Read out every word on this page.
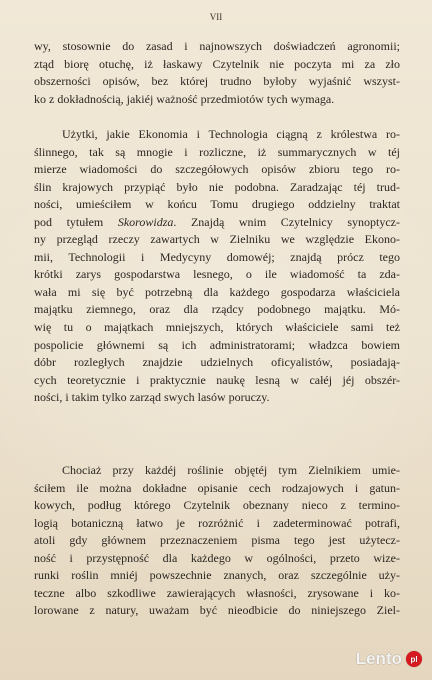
VII
wy, stosownie do zasad i najnowszych doświadczeń agronomii;
ztąd biorę otuchę, iż łaskawy Czytelnik nie poczyta mi za zło
obszerności opisów, bez której trudno byłoby wyjaśnić wszyst-
ko z dokładnością, jakiéj ważność przedmiotów tych wymaga.
Użytki, jakie Ekonomia i Technologia ciągną z królestwa ro-
ślinnego, tak są mnogie i rozliczne, iż summarycznych w téj
mierze wiadomości do szczegółowych opisów zbioru tego ro-
ślin krajowych przypiąć było nie podobna. Zaradzając téj trud-
ności, umieściłem w końcu Tomu drugiego oddzielny traktat
pod tytułem Skorowidza. Znajdą wnim Czytelnicy synoptycz-
ny przegląd rzeczy zawartych w Zielniku we względzie Ekono-
mii, Technologii i Medycyny domowéj; znajdą prócz tego
krótki zarys gospodarstwa lesnego, o ile wiadomość ta zda-
wała mi się być potrzebną dla każdego gospodarza właściciela
majątku ziemnego, oraz dla rządcy podobnego majątku. Mó-
wię tu o majątkach mniejszych, których właściciele sami też
pospolicie głównemi są ich administratorami; władzca bowiem
dóbr rozległych znajdzie udzielnych oficyalistów, posiadają-
cych teoretycznie i praktycznie naukę lesną w całéj jéj obszér-
ności, i takim tylko zarząd swych lasów poruczy.
Chociaż przy każdéj roślinie objętéj tym Zielnikiem umie-
ściłem ile można dokładne opisanie cech rodzajowych i gatun-
kowych, podług którego Czytelnik obeznany nieco z termino-
logią botaniczną łatwo je rozróżnić i zadeterminować potrafi,
atoli gdy głównem przeznaczeniem pisma tego jest użytecz-
ność i przystępność dla każdego w ogólności, przeto wize-
runki roślin mniéj powszechnie znanych, oraz szczególnie uży-
teczne albo szkodliwe zawierających własności, zrysowane i ko-
lorowane z natury, uważam być nieodbicie do niniejszego Ziel-
Lento	pl
